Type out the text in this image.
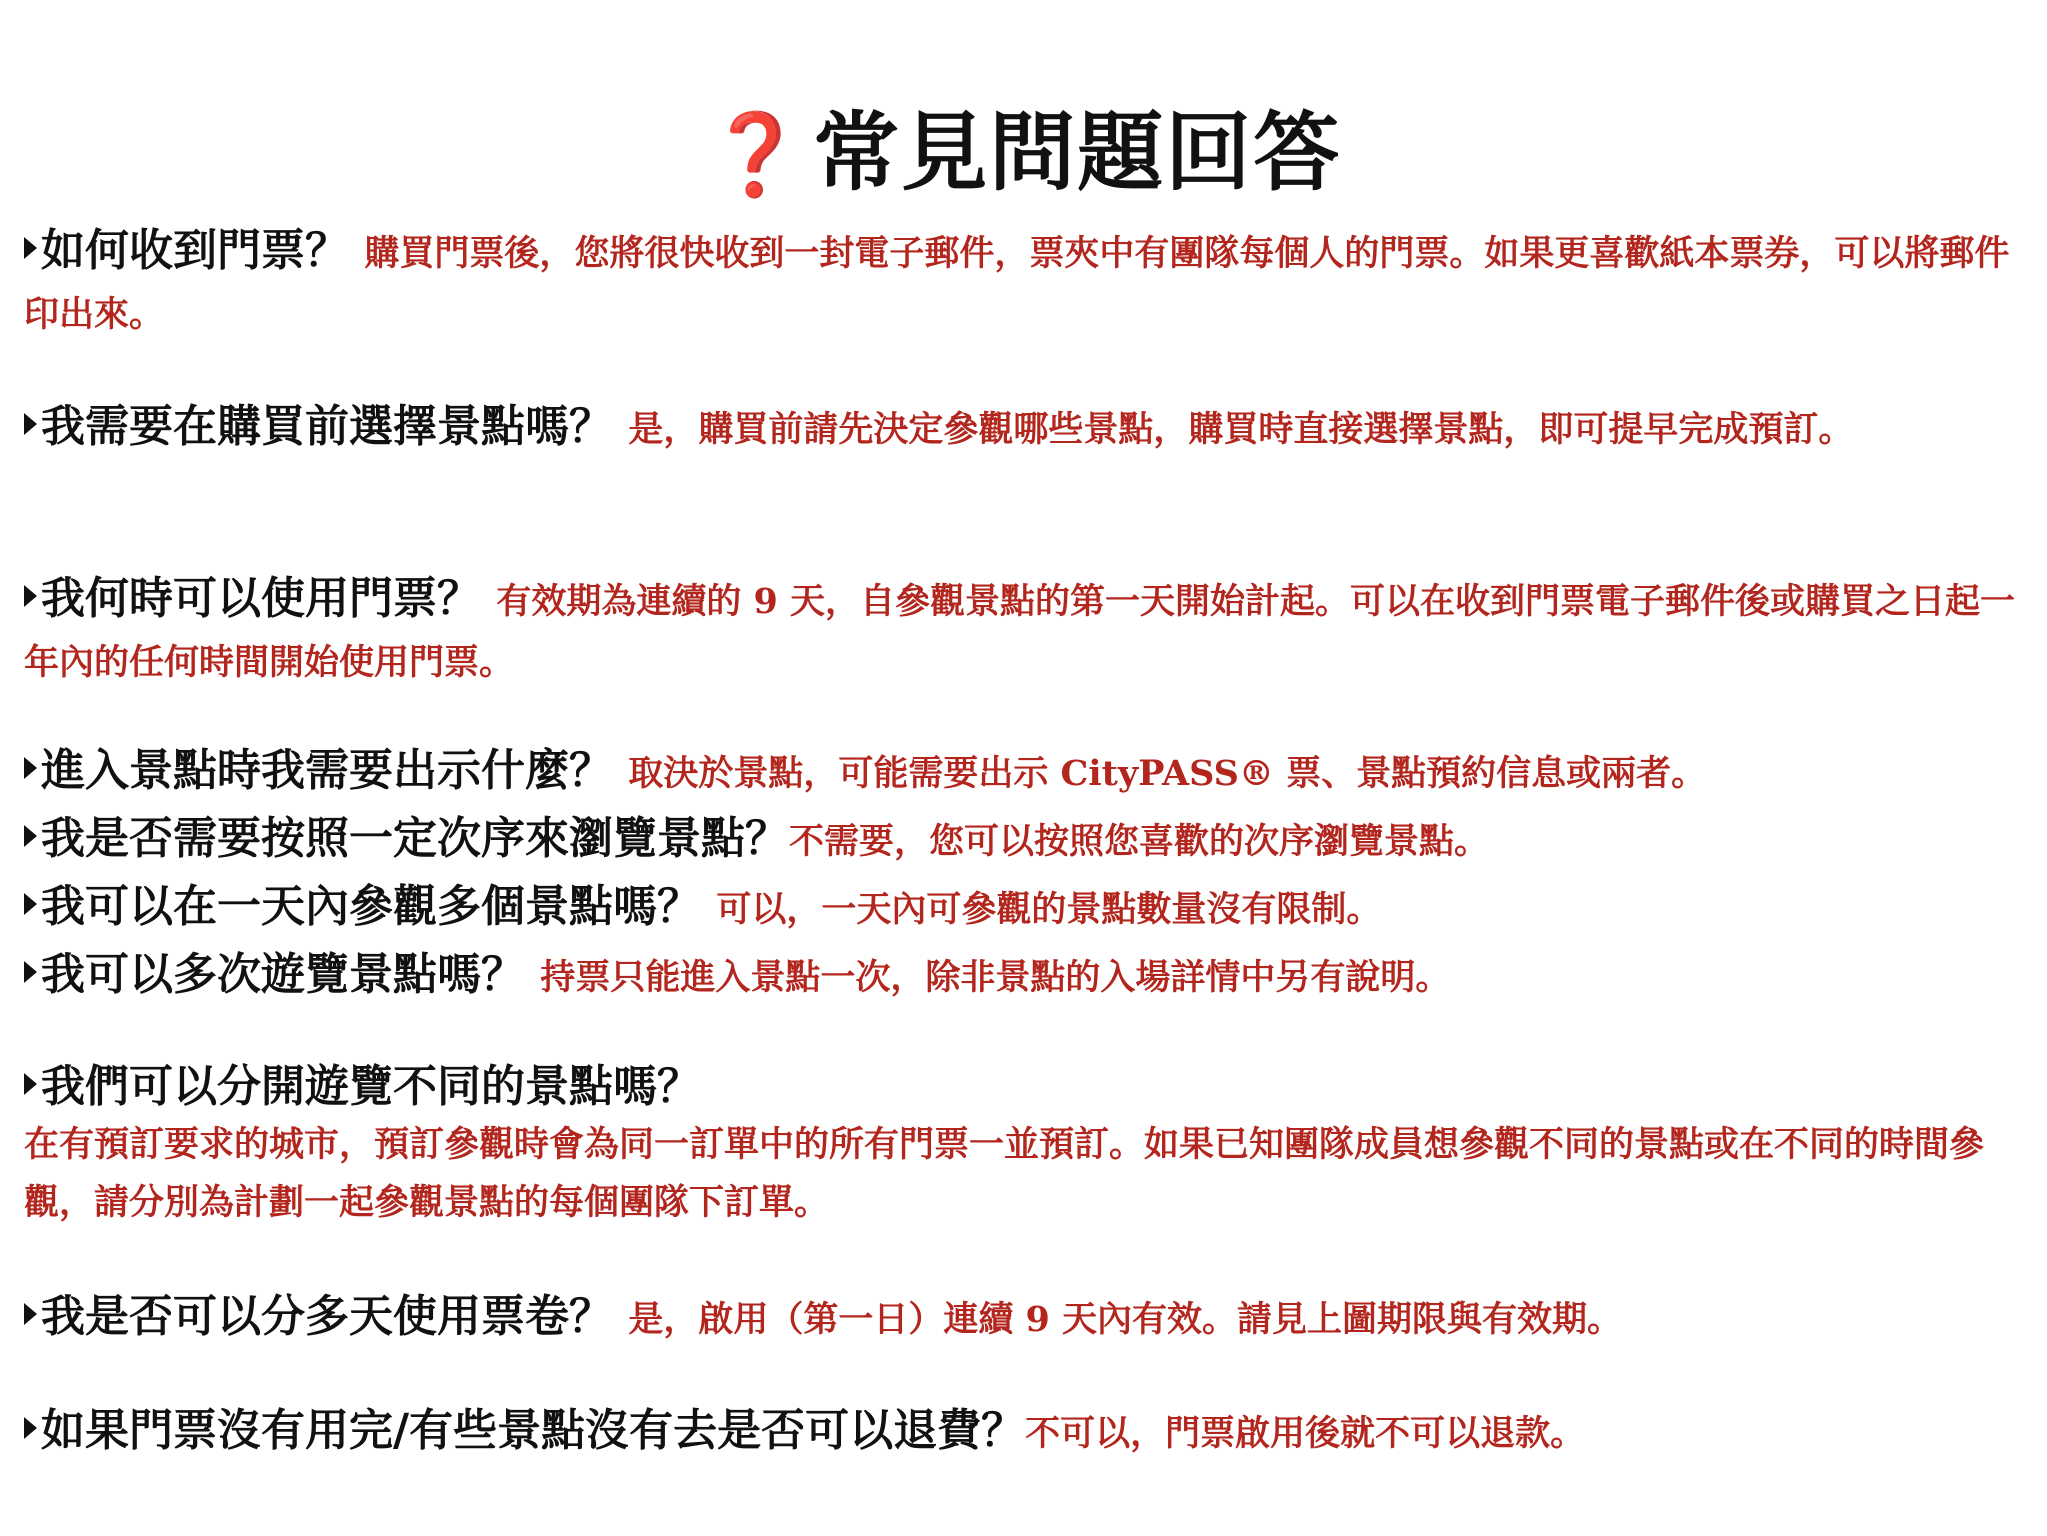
❓常見問題回答
如何收到門票？ 購買門票後，您將很快收到一封電子郵件，票夾中有團隊每個人的門票。如果更喜歡紙本票券，可以將郵件印出來。
我需要在購買前選擇景點嗎？ 是，購買前請先決定參觀哪些景點，購買時直接選擇景點，即可提早完成預訂。
我何時可以使用門票？ 有效期為連續的 9 天，自參觀景點的第一天開始計起。可以在收到門票電子郵件後或購買之日起一年內的任何時間開始使用門票。
進入景點時我需要出示什麼？ 取決於景點，可能需要出示 CityPASS® 票、景點預約信息或兩者。
我是否需要按照一定次序來瀏覽景點？不需要，您可以按照您喜歡的次序瀏覽景點。
我可以在一天內參觀多個景點嗎？ 可以，一天內可參觀的景點數量沒有限制。
我可以多次遊覽景點嗎？ 持票只能進入景點一次，除非景點的入場詳情中另有說明。
我們可以分開遊覽不同的景點嗎？
在有預訂要求的城市，預訂參觀時會為同一訂單中的所有門票一並預訂。如果已知團隊成員想參觀不同的景點或在不同的時間參觀，請分別為計劃一起參觀景點的每個團隊下訂單。
我是否可以分多天使用票卷？ 是，啟用（第一日）連續 9 天內有效。請見上圖期限與有效期。
如果門票沒有用完/有些景點沒有去是否可以退費？不可以，門票啟用後就不可以退款。
